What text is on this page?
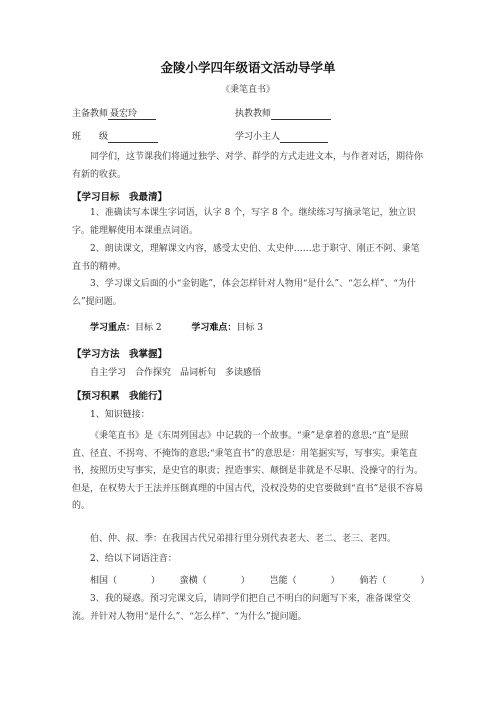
金陵小学四年级语文活动导学单
《秉笔直书》
主备教师 聂宏玲	执教教师
班　　级	学习小主人
同学们，这节课我们将通过独学、对学、群学的方式走进文本，与作者对话，期待你有新的收获。
【学习目标　我最清】
1、准确读写本课生字词语，认字 8 个，写字 8 个。继续练习写摘录笔记，独立识字。能理解使用本课重点词语。
2、朗读课文，理解课文内容，感受太史伯、太史仲……忠于职守、刚正不阿、秉笔直书的精神。
3、学习课文后面的小“金钥匙”，体会怎样针对人物用“是什么”、“怎么样”、“为什么”提问题。
学习重点：目标 2	学习难点：目标 3
【学习方法　我掌握】
自主学习　合作探究　品词析句　多读感悟
【预习积累　我能行】
1、知识链接：
《秉笔直书》是《东周列国志》中记载的一个故事。“秉”是拿着的意思;“直”是照直、径直、不拐弯、不掩饰的意思;“秉笔直书”的意思是：用笔据实写，写事实。秉笔直书，按照历史写事实，是史官的职责；捏造事实、颠倒是非就是不尽职、没操守的行为。但是，在权势大于王法并压倒真理的中国古代，没权没势的史官要做到“直书”是很不容易的。
伯、仲、叔、季：在我国古代兄弟排行里分别代表老大、老二、老三、老四。
2、给以下词语注音：
相国（	） 蛮横（	） 岂能（	） 倘若（	）
3、我的疑惑。预习完课文后，请同学们把自己不明白的问题写下来，准备课堂交流。并针对人物用“是什么”、“怎么样”、“为什么”提问题。
